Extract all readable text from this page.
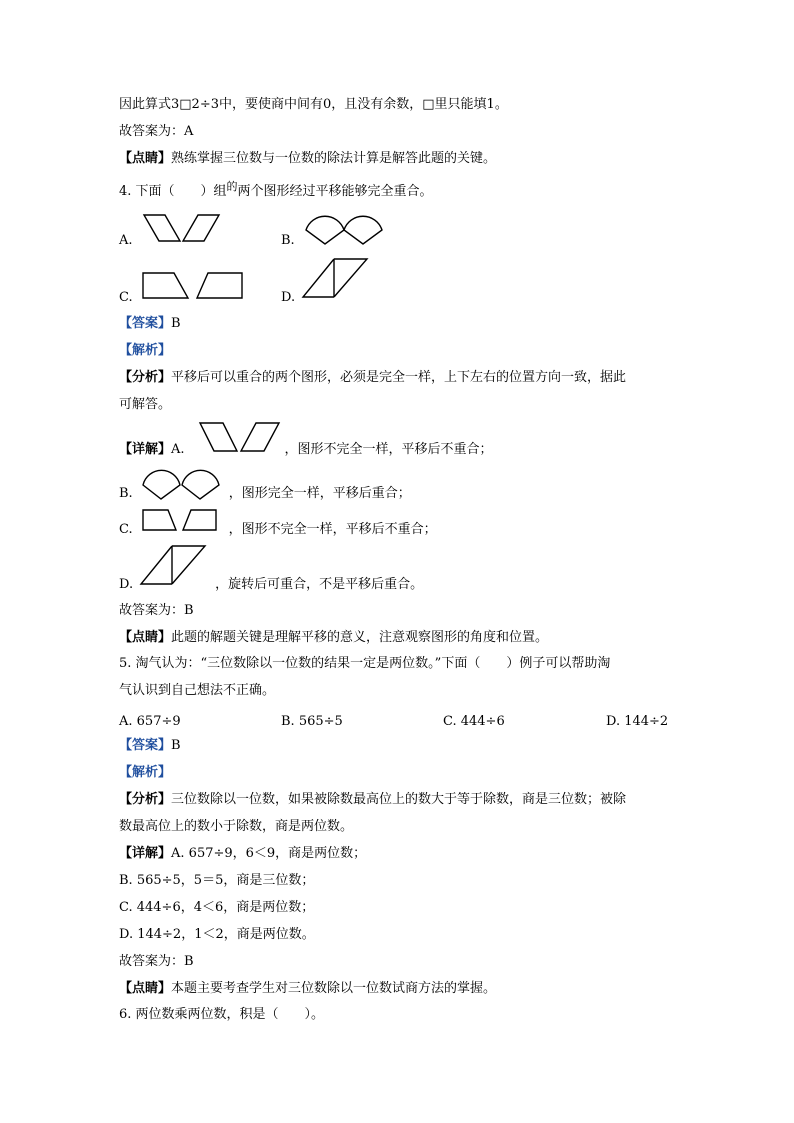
因此算式3□2÷3中，要使商中间有0，且没有余数，□里只能填1。
故答案为：A
【点睛】熟练掌握三位数与一位数的除法计算是解答此题的关键。
4. 下面（　　）组$^的$两个图形经过平移能够完全重合。
A.	B.
C.	D.
【答案】B
【解析】
【分析】平移后可以重合的两个图形，必须是完全一样，上下左右的位置方向一致，据此
可解答。
【详解】A.	，图形不完全一样，平移后不重合；
B.	，图形完全一样，平移后重合；
C.	，图形不完全一样，平移后不重合；
D.	，旋转后可重合，不是平移后重合。
故答案为：B
【点睛】此题的解题关键是理解平移的意义，注意观察图形的角度和位置。
5. 淘气认为：“三位数除以一位数的结果一定是两位数。”下面（　　）例子可以帮助淘
气认识到自己想法不正确。
A. 657÷9	B. 565÷5	C. 444÷6	D. 144÷2
【答案】B
【解析】
【分析】三位数除以一位数，如果被除数最高位上的数大于等于除数，商是三位数；被除
数最高位上的数小于除数，商是两位数。
【详解】A. 657÷9，6＜9，商是两位数；
B. 565÷5，5＝5，商是三位数；
C. 444÷6，4＜6，商是两位数；
D. 144÷2，1＜2，商是两位数。
故答案为：B
【点睛】本题主要考查学生对三位数除以一位数试商方法的掌握。
6. 两位数乘两位数，积是（　　）。
